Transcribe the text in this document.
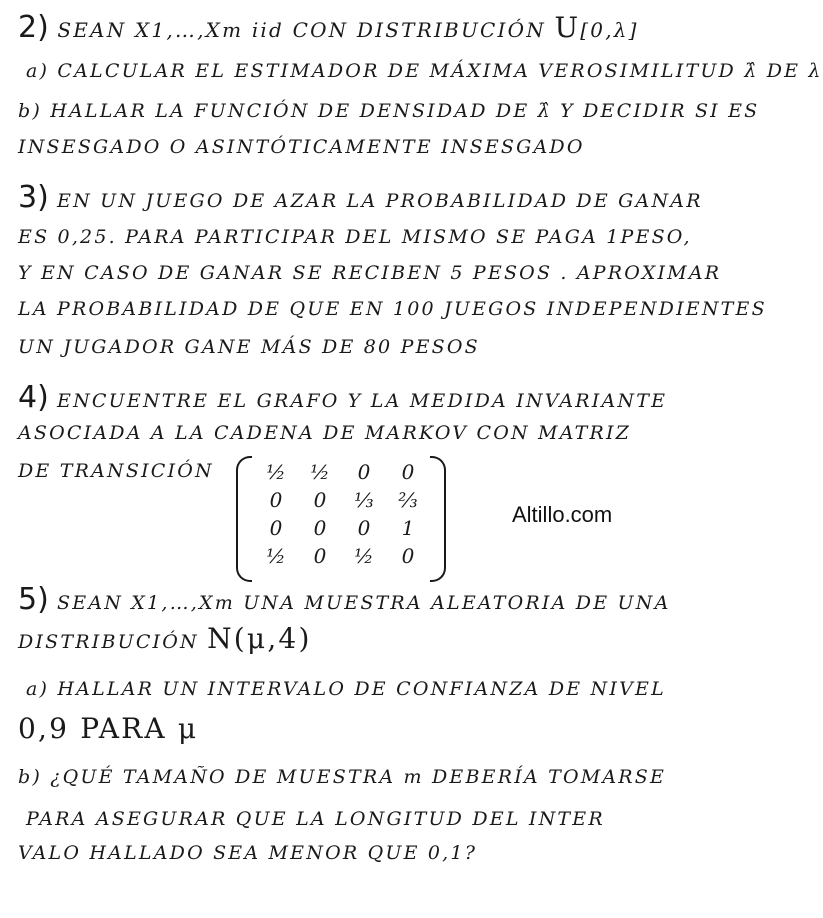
2) SEAN X1,…,Xm iid CON DISTRIBUCIÓN U[0,λ]
a) CALCULAR EL ESTIMADOR DE MÁXIMA VEROSIMILITUD λ̂ DE λ
b) HALLAR LA FUNCIÓN DE DENSIDAD DE λ̂ Y DECIDIR SI ES
INSESGADO O ASINTÓTICAMENTE INSESGADO
3) EN UN JUEGO DE AZAR LA PROBABILIDAD DE GANAR
ES 0,25. PARA PARTICIPAR DEL MISMO SE PAGA 1PESO,
Y EN CASO DE GANAR SE RECIBEN 5 PESOS . APROXIMAR
LA PROBABILIDAD DE QUE EN 100 JUEGOS INDEPENDIENTES
UN JUGADOR GANE MÁS DE 80 PESOS
4) ENCUENTRE EL GRAFO Y LA MEDIDA INVARIANTE
ASOCIADA A LA CADENA DE MARKOV CON MATRIZ
DE TRANSICIÓN
5) SEAN X1,…,Xm UNA MUESTRA ALEATORIA DE UNA
DISTRIBUCIÓN N(μ,4)
a) HALLAR UN INTERVALO DE CONFIANZA DE NIVEL
0,9 PARA μ
b) ¿QUÉ TAMAÑO DE MUESTRA m DEBERÍA TOMARSE
PARA ASEGURAR QUE LA LONGITUD DEL INTER
VALO HALLADO SEA MENOR QUE 0,1?
½	½	0	0
0	0	⅓	⅔
0	0	0	1
½	0	½	0
Altillo.com
